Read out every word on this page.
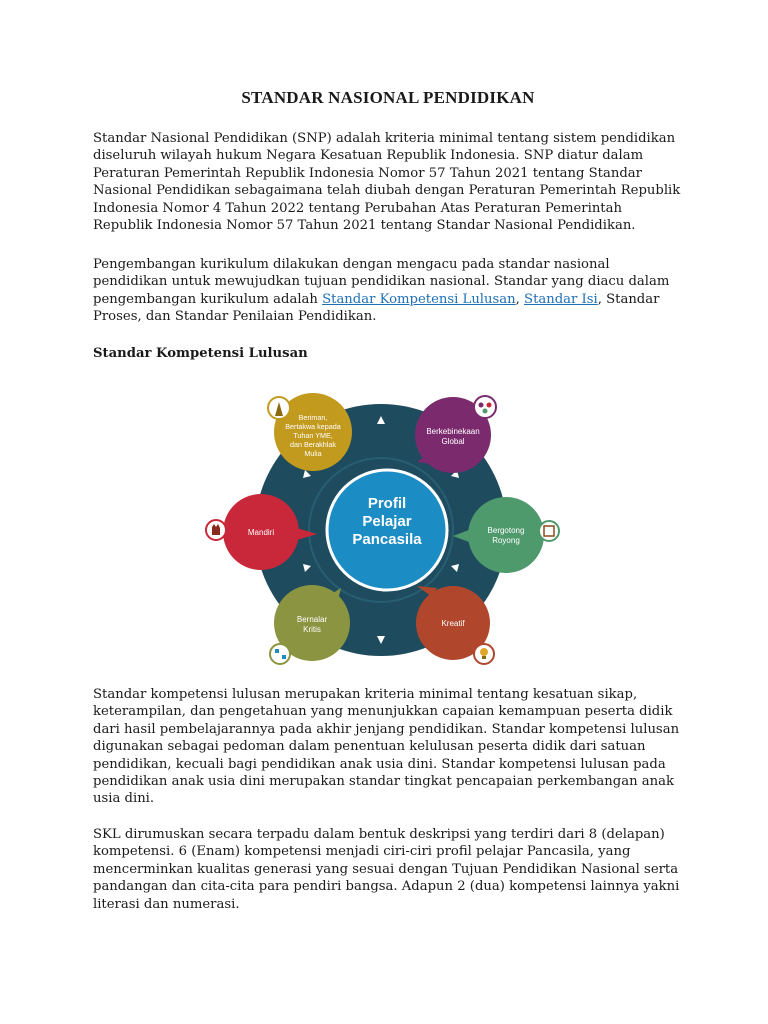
STANDAR NASIONAL PENDIDIKAN

Standar Nasional Pendidikan (SNP) adalah kriteria minimal tentang sistem pendidikan diseluruh wilayah hukum Negara Kesatuan Republik Indonesia. SNP diatur dalam Peraturan Pemerintah Republik Indonesia Nomor 57 Tahun 2021 tentang Standar Nasional Pendidikan sebagaimana telah diubah dengan Peraturan Pemerintah Republik Indonesia Nomor 4 Tahun 2022 tentang Perubahan Atas Peraturan Pemerintah Republik Indonesia Nomor 57 Tahun 2021 tentang Standar Nasional Pendidikan.

Pengembangan kurikulum dilakukan dengan mengacu pada standar nasional pendidikan untuk mewujudkan tujuan pendidikan nasional. Standar yang diacu dalam pengembangan kurikulum adalah Standar Kompetensi Lulusan, Standar Isi, Standar Proses, dan Standar Penilaian Pendidikan.

Standar Kompetensi Lulusan
Profil
Pelajar
Pancasila
Beriman,
Bertakwa kepada
Tuhan YME,
dan Berakhlak
Mulia
Berkebinekaan
Global
Bergotong
Royong
Kreatif
Bernalar
Kritis
Mandiri

Standar kompetensi lulusan merupakan kriteria minimal tentang kesatuan sikap, keterampilan, dan pengetahuan yang menunjukkan capaian kemampuan peserta didik dari hasil pembelajarannya pada akhir jenjang pendidikan. Standar kompetensi lulusan digunakan sebagai pedoman dalam penentuan kelulusan peserta didik dari satuan pendidikan, kecuali bagi pendidikan anak usia dini. Standar kompetensi lulusan pada pendidikan anak usia dini merupakan standar tingkat pencapaian perkembangan anak usia dini.

SKL dirumuskan secara terpadu dalam bentuk deskripsi yang terdiri dari 8 (delapan) kompetensi. 6 (Enam) kompetensi menjadi ciri-ciri profil pelajar Pancasila, yang mencerminkan kualitas generasi yang sesuai dengan Tujuan Pendidikan Nasional serta pandangan dan cita-cita para pendiri bangsa. Adapun 2 (dua) kompetensi lainnya yakni literasi dan numerasi.
